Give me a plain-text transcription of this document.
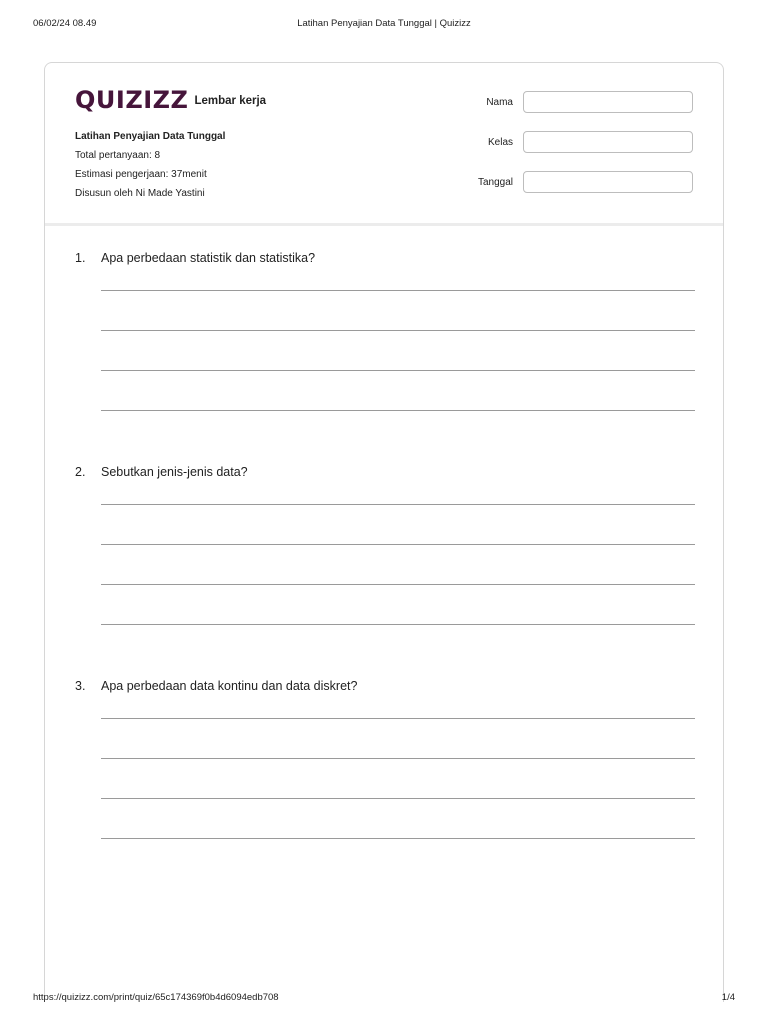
06/02/24 08.49	Latihan Penyajian Data Tunggal | Quizizz
QUIZIZZ Lembar kerja
Latihan Penyajian Data Tunggal
Total pertanyaan: 8
Estimasi pengerjaan: 37menit
Disusun oleh Ni Made Yastini
Nama
Kelas
Tanggal
1. Apa perbedaan statistik dan statistika?
2. Sebutkan jenis-jenis data?
3. Apa perbedaan data kontinu dan data diskret?
https://quizizz.com/print/quiz/65c174369f0b4d6094edb708	1/4
